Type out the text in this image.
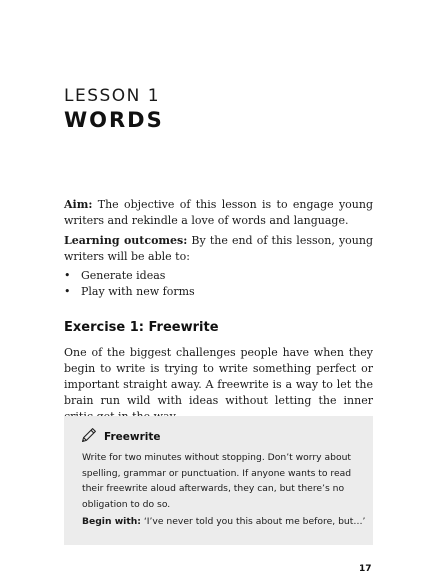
LESSON 1
WORDS
Aim: The objective of this lesson is to engage young writers and rekindle a love of words and language.
Learning outcomes: By the end of this lesson, young writers will be able to:
• Generate ideas
• Play with new forms
Exercise 1: Freewrite
One of the biggest challenges people have when they begin to write is trying to write something perfect or important straight away. A freewrite is a way to let the brain run wild with ideas without letting the inner
Freewrite
Write for two minutes without stopping. Don’t worry about spelling, grammar or punctuation. If anyone wants to read their freewrite aloud afterwards, they can, but there’s no obligation to do so.
Begin with: ‘I’ve never told you this about me before, but…’
17
